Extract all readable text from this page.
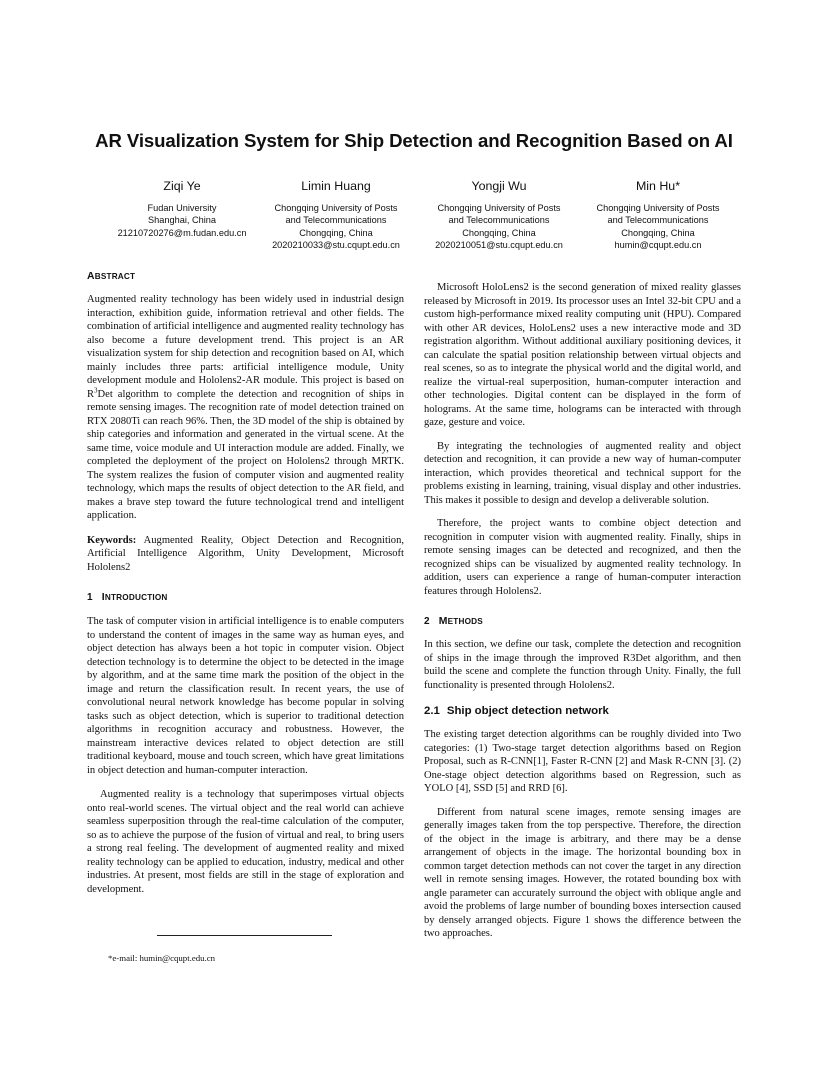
AR Visualization System for Ship Detection and Recognition Based on AI
Ziqi Ye
Fudan University
Shanghai, China
21210720276@m.fudan.edu.cn
Limin Huang
Chongqing University of Posts
and Telecommunications
Chongqing, China
2020210033@stu.cqupt.edu.cn
Yongji Wu
Chongqing University of Posts
and Telecommunications
Chongqing, China
2020210051@stu.cqupt.edu.cn
Min Hu*
Chongqing University of Posts
and Telecommunications
Chongqing, China
humin@cqupt.edu.cn
ABSTRACT

Augmented reality technology has been widely used in industrial design interaction, exhibition guide, information retrieval and other fields. The combination of artificial intelligence and augmented reality technology has also become a future development trend. This project is an AR visualization system for ship detection and recognition based on AI, which mainly includes three parts: artificial intelligence module, Unity development module and Hololens2-AR module. This project is based on $R^3Det$ algorithm to complete the detection and recognition of ships in remote sensing images. The recognition rate of model detection trained on RTX 2080Ti can reach 96%. Then, the 3D model of the ship is obtained by ship categories and information and generated in the virtual scene. At the same time, voice module and UI interaction module are added. Finally, we completed the deployment of the project on Hololens2 through MRTK. The system realizes the fusion of computer vision and augmented reality technology, which maps the results of object detection to the AR field, and makes a brave step toward the future technological trend and intelligent application.

Keywords: Augmented Reality, Object Detection and Recognition, Artificial Intelligence Algorithm, Unity Development, Microsoft Hololens2

1 INTRODUCTION

The task of computer vision in artificial intelligence is to enable computers to understand the content of images in the same way as human eyes, and object detection has always been a hot topic in computer vision. Object detection technology is to determine the object to be detected in the image by algorithm, and at the same time mark the position of the object in the image and return the classification result. In recent years, the use of convolutional neural network knowledge has become popular in solving tasks such as object detection, which is superior to traditional detection algorithms in recognition accuracy and robustness. However, the mainstream interactive devices related to object detection are still traditional keyboard, mouse and touch screen, which have great limitations in object detection and human-computer interaction.

Augmented reality is a technology that superimposes virtual objects onto real-world scenes. The virtual object and the real world can achieve seamless superposition through the real-time calculation of the computer, so as to achieve the purpose of the fusion of virtual and real, to bring users a strong real feeling. The development of augmented reality and mixed reality technology can be applied to education, industry, medical and other industries. At present, most fields are still in the stage of exploration and development.

Microsoft HoloLens2 is the second generation of mixed reality glasses released by Microsoft in 2019. Its processor uses an Intel 32-bit CPU and a custom high-performance mixed reality computing unit (HPU). Compared with other AR devices, HoloLens2 uses a new interactive mode and 3D registration algorithm. Without additional auxiliary positioning devices, it can calculate the spatial position relationship between virtual objects and real scenes, so as to integrate the physical world and the digital world, and realize the virtual-real superposition, human-computer interaction and other technologies. Digital content can be displayed in the form of holograms. At the same time, holograms can be interacted with through gaze, gesture and voice.

By integrating the technologies of augmented reality and object detection and recognition, it can provide a new way of human-computer interaction, which provides theoretical and technical support for the problems existing in learning, training, visual display and other industries. This makes it possible to design and develop a deliverable solution.

Therefore, the project wants to combine object detection and recognition in computer vision with augmented reality. Finally, ships in remote sensing images can be detected and recognized, and then the recognized ships can be visualized by augmented reality technology. In addition, users can experience a range of human-computer interaction features through Hololens2.

2 METHODS

In this section, we define our task, complete the detection and recognition of ships in the image through the improved R3Det algorithm, and then build the scene and complete the function through Unity. Finally, the full functionality is presented through Hololens2.

2.1 Ship object detection network

The existing target detection algorithms can be roughly divided into Two categories: (1) Two-stage target detection algorithms based on Region Proposal, such as R-CNN[1], Faster R-CNN [2] and Mask R-CNN [3]. (2) One-stage object detection algorithms based on Regression, such as YOLO [4], SSD [5] and RRD [6].

Different from natural scene images, remote sensing images are generally images taken from the top perspective. Therefore, the direction of the object in the image is arbitrary, and there may be a dense arrangement of objects in the image. The horizontal bounding box in common target detection methods can not cover the target in any direction well in remote sensing images. However, the rotated bounding box with angle parameter can accurately surround the object with oblique angle and avoid the problems of large number of bounding boxes intersection caused by densely arranged objects. Figure 1 shows the difference between the two approaches.

*e-mail: humin@cqupt.edu.cn
